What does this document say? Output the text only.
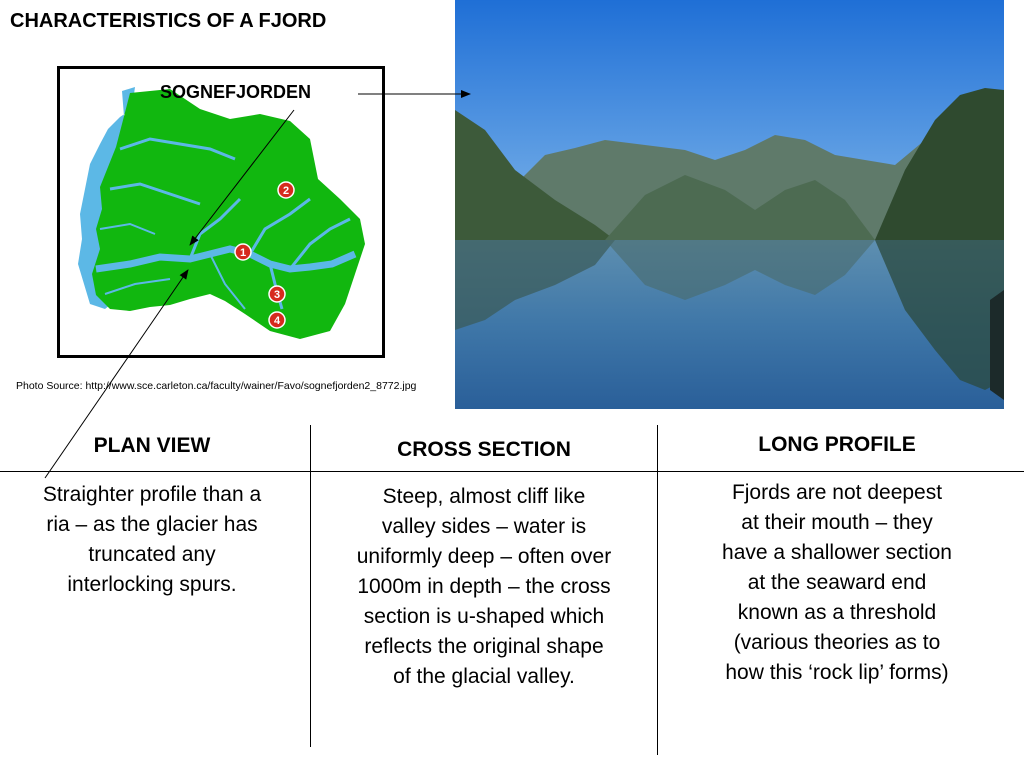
CHARACTERISTICS OF A FJORD
1
2
3
4
SOGNEFJORDEN
Photo Source: http://www.sce.carleton.ca/faculty/wainer/Favo/sognefjorden2_8772.jpg
PLAN VIEW	CROSS SECTION	LONG PROFILE
Straighter profile than a
ria – as the glacier has
truncated any
interlocking spurs.
Steep, almost cliff like
valley sides – water is
uniformly deep – often over
1000m in depth – the cross
section is u-shaped which
reflects the original shape
of the glacial valley.
Fjords are not deepest
at their mouth – they
have a shallower section
at the seaward end
known as a threshold
(various theories as to
how this ‘rock lip’ forms)
